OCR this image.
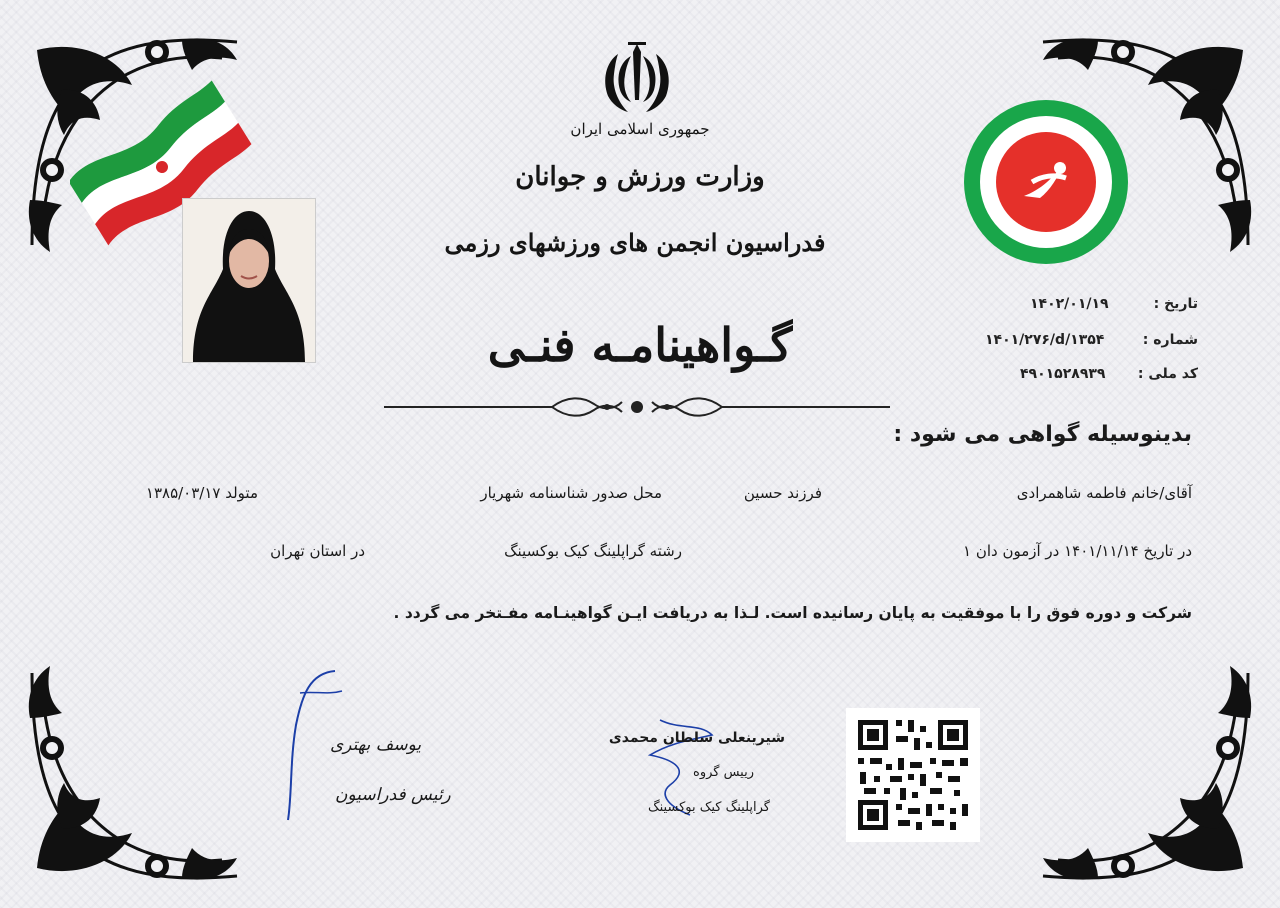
جمهوری اسلامی ایران
وزارت ورزش و جوانان
فدراسیون انجمن های ورزشهای رزمی
گـواهینامـه فنـی
تاریخ :
۱۴۰۲/۰۱/۱۹
شماره :
۱۴۰۱/۲۷۶/d/۱۳۵۴
کد ملی :
۴۹۰۱۵۲۸۹۳۹
بدینوسیله گواهی می شود :
آقای/خانم فاطمه شاهمرادی
فرزند حسین
محل صدور شناسنامه شهریار
متولد ۱۳۸۵/۰۳/۱۷
در تاریخ ۱۴۰۱/۱۱/۱۴ در آزمون دان ۱
رشته گراپلینگ کیک بوکسینگ
در استان تهران
شرکت و دوره فوق را با موفقیت به پایان رسانیده است. لـذا به دریافت ایـن گواهینـامه مفـتخر می گردد .
یوسف بهتری
رئیس فدراسیون
شیرینعلی سلطان محمدی
رییس گروه
گراپلینگ کیک بوکسینگ
